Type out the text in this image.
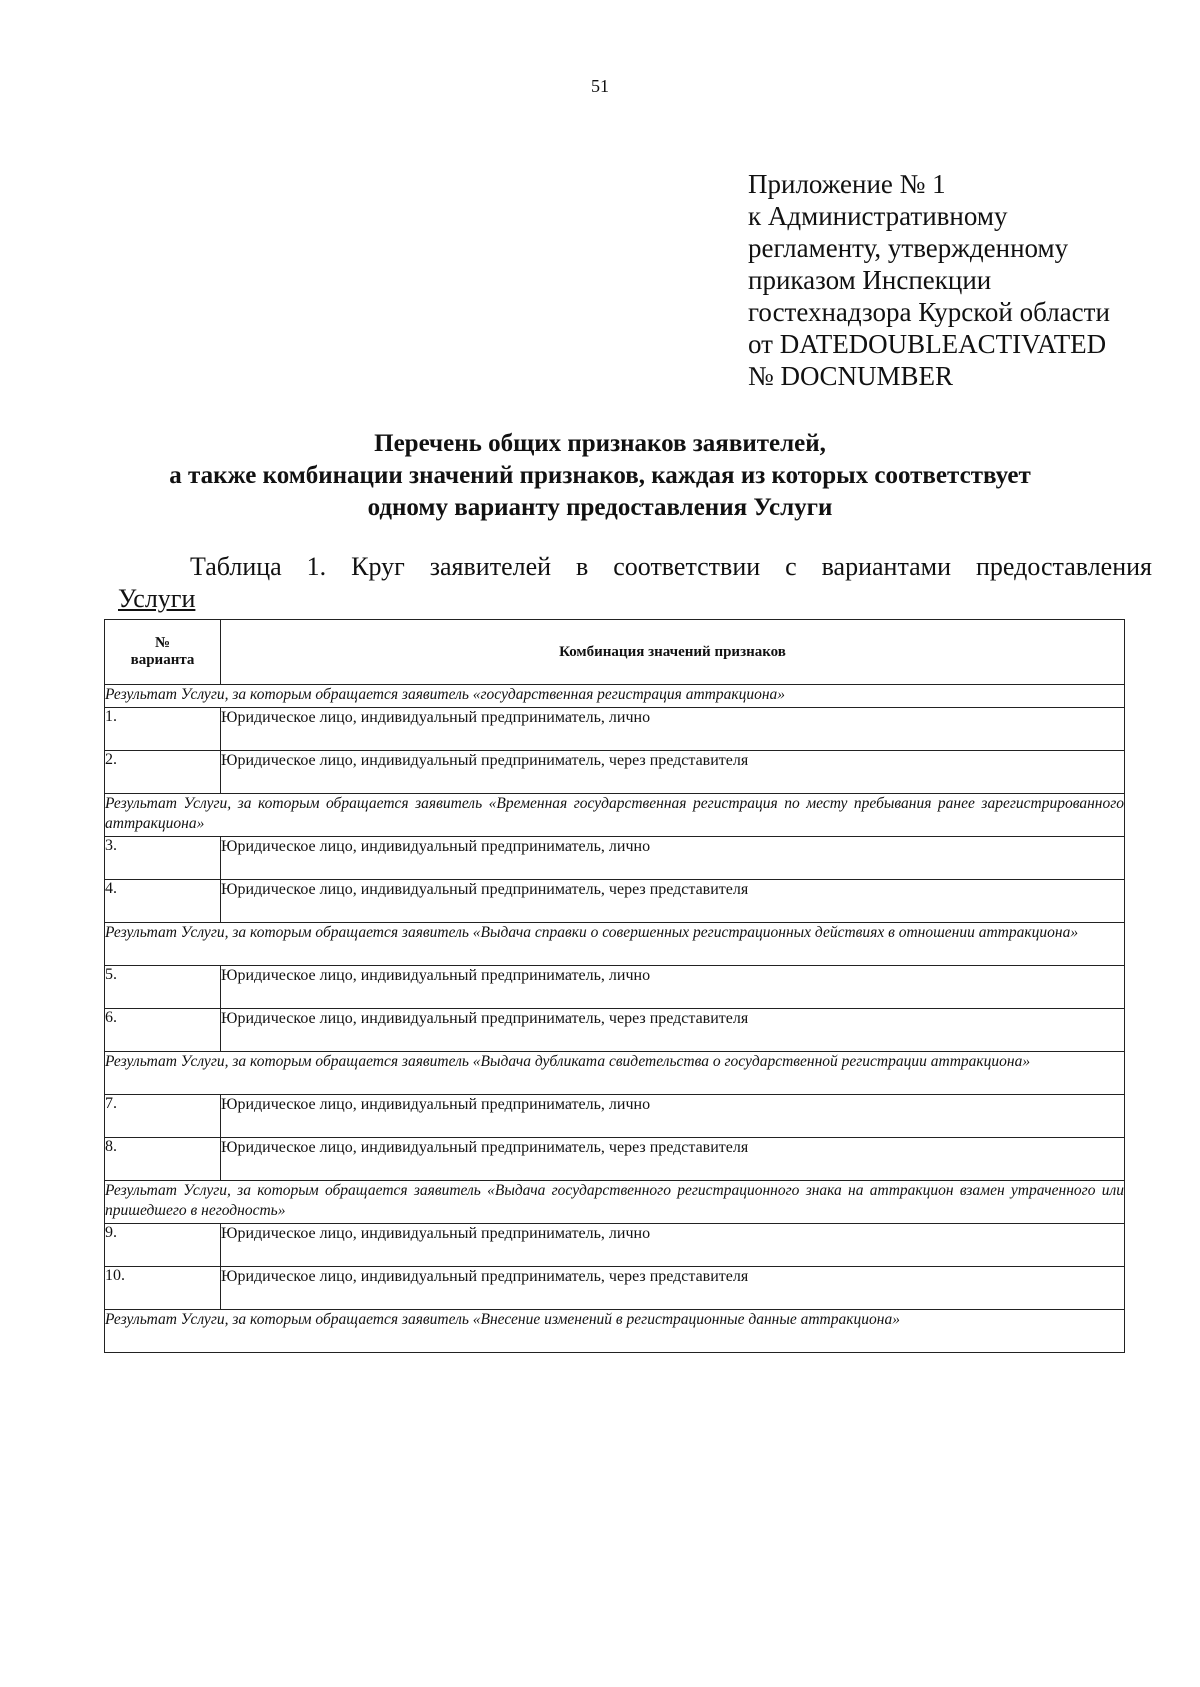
51
Приложение № 1
к Административному
регламенту, утвержденному
приказом Инспекции
гостехнадзора Курской области
от DATEDOUBLEACTIVATED
№ DOCNUMBER
Перечень общих признаков заявителей,
а также комбинации значений признаков, каждая из которых соответствует
одному варианту предоставления Услуги
Таблица 1. Круг заявителей в соответствии с вариантами предоставления
Услуги
№
варианта	Комбинация значений признаков
Результат Услуги, за которым обращается заявитель «государственная регистрация аттракциона»	

1.	Юридическое лицо, индивидуальный предприниматель, лично

2.	Юридическое лицо, индивидуальный предприниматель, через представителя
Результат Услуги, за которым обращается заявитель «Временная государственная регистрация по месту пребывания ранее зарегистрированного аттракциона»	

3.	Юридическое лицо, индивидуальный предприниматель, лично

4.	Юридическое лицо, индивидуальный предприниматель, через представителя
Результат Услуги, за которым обращается заявитель «Выдача справки о совершенных регистрационных действиях в отношении аттракциона»	

5.	Юридическое лицо, индивидуальный предприниматель, лично

6.	Юридическое лицо, индивидуальный предприниматель, через представителя
Результат Услуги, за которым обращается заявитель «Выдача дубликата свидетельства о государственной регистрации аттракциона»	

7.	Юридическое лицо, индивидуальный предприниматель, лично

8.	Юридическое лицо, индивидуальный предприниматель, через представителя
Результат Услуги, за которым обращается заявитель «Выдача государственного регистрационного знака на аттракцион взамен утраченного или пришедшего в негодность»	

9.	Юридическое лицо, индивидуальный предприниматель, лично

10.	Юридическое лицо, индивидуальный предприниматель, через представителя
Результат Услуги, за которым обращается заявитель «Внесение изменений в регистрационные данные аттракциона»	
